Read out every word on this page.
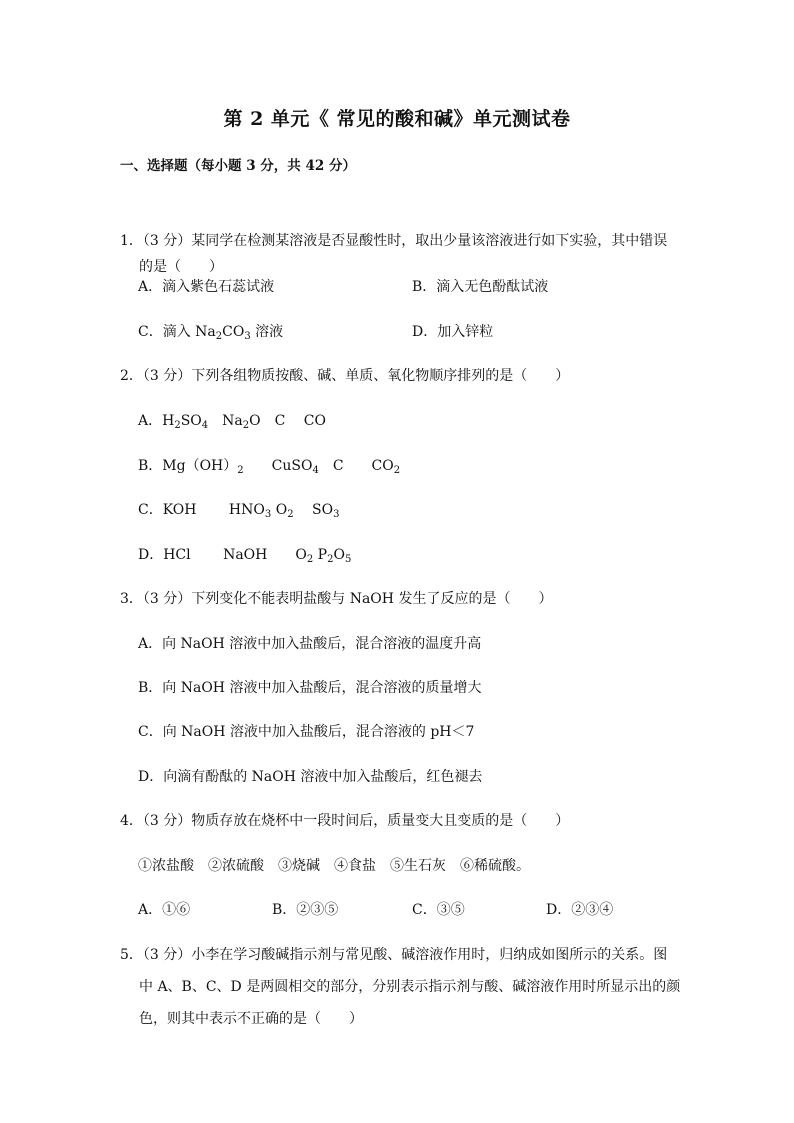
第 2 单元《 常见的酸和碱》单元测试卷
一、选择题（每小题 3 分，共 42 分）
1．（3 分）某同学在检测某溶液是否显酸性时，取出少量该溶液进行如下实验，其中错误
的是（　　）
A．滴入紫色石蕊试液	B．滴入无色酚酞试液
C．滴入 $Na_2CO_3$ 溶液	D．加入锌粒
2．（3 分）下列各组物质按酸、碱、单质、氧化物顺序排列的是（　　）
A．$H_2SO_4$　$Na_2O$　C　 CO
B．$Mg(OH)_2$　　CuSO$_4$　C　　$CO_2$
C．KOH　　 $HNO_3$ $O_2$　 $SO_3$
D．HCl　　 NaOH　　$O_2$ $P_2O_5$
3．（3 分）下列变化不能表明盐酸与 NaOH 发生了反应的是（　　）
A．向 NaOH 溶液中加入盐酸后，混合溶液的温度升高
B．向 NaOH 溶液中加入盐酸后，混合溶液的质量增大
C．向 NaOH 溶液中加入盐酸后，混合溶液的 pH＜7
D．向滴有酚酞的 NaOH 溶液中加入盐酸后，红色褪去
4．（3 分）物质存放在烧杯中一段时间后，质量变大且变质的是（　　）
①浓盐酸　②浓硫酸　③烧碱　④食盐　⑤生石灰　⑥稀硫酸。
A．①⑥	B．②③⑤	C．③⑤	D．②③④
5．（3 分）小李在学习酸碱指示剂与常见酸、碱溶液作用时，归纳成如图所示的关系。图
中 A、B、C、D 是两圆相交的部分，分别表示指示剂与酸、碱溶液作用时所显示出的颜
色，则其中表示不正确的是（　　）
